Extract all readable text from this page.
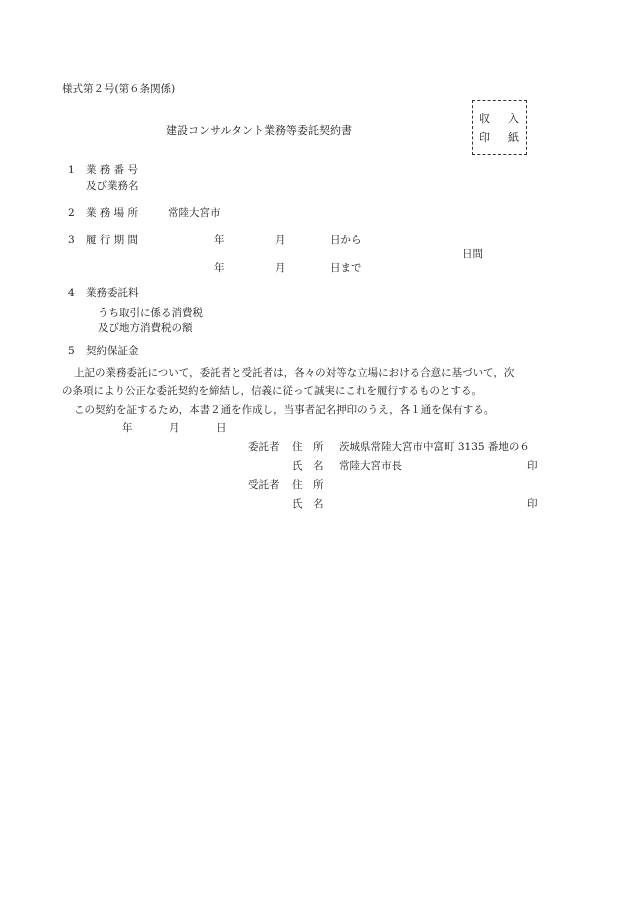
様式第２号(第６条関係)
収 入
印 紙
建設コンサルタント業務等委託契約書
1 業 務 番 号
及び業務名
2 業 務 場 所	常陸大宮市
3 履 行 期 間	年	月	日から
日間
年	月	日まで
4 業務委託料
うち取引に係る消費税
及び地方消費税の額
5 契約保証金
上記の業務委託について，委託者と受託者は，各々の対等な立場における合意に基づいて，次
の条項により公正な委託契約を締結し，信義に従って誠実にこれを履行するものとする。
この契約を証するため，本書２通を作成し，当事者記名押印のうえ，各１通を保有する。
年	月	日
委託者 住　所 茨城県常陸大宮市中富町 3135 番地の６
氏　名 常陸大宮市長	印
受託者 住　所
氏　名	印
